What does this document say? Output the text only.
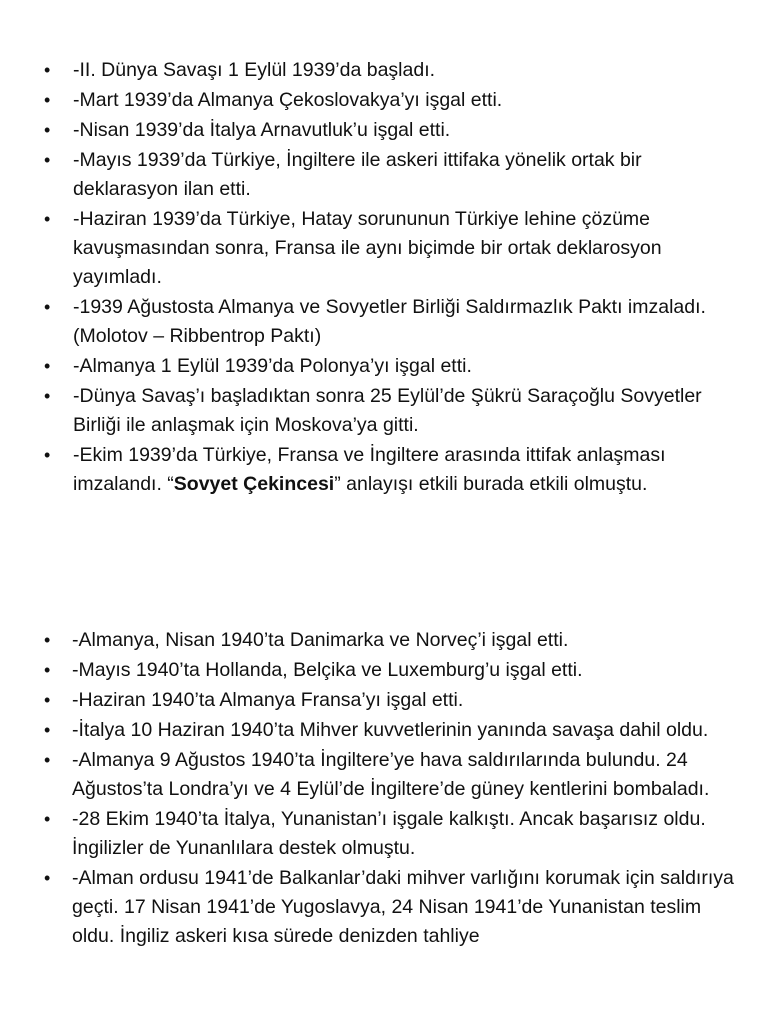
• -II. Dünya Savaşı 1 Eylül 1939’da başladı.
• -Mart 1939’da Almanya Çekoslovakya’yı işgal etti.
• -Nisan 1939’da İtalya Arnavutluk’u işgal etti.
• -Mayıs 1939’da Türkiye, İngiltere ile askeri ittifaka yönelik ortak bir deklarasyon ilan etti.
• -Haziran 1939’da Türkiye, Hatay sorununun Türkiye lehine çözüme kavuşmasından sonra, Fransa ile aynı biçimde bir ortak deklarosyon yayımladı.
• -1939 Ağustosta Almanya ve Sovyetler Birliği Saldırmazlık Paktı imzaladı. (Molotov – Ribbentrop Paktı)
• -Almanya 1 Eylül 1939’da Polonya’yı işgal etti.
• -Dünya Savaş’ı başladıktan sonra 25 Eylül’de Şükrü Saraçoğlu Sovyetler Birliği ile anlaşmak için Moskova’ya gitti.
• -Ekim 1939’da Türkiye, Fransa ve İngiltere arasında ittifak anlaşması imzalandı. “Sovyet Çekincesi” anlayışı etkili burada etkili olmuştu.
• -Almanya, Nisan 1940’ta Danimarka ve Norveç’i işgal etti.
• -Mayıs 1940’ta Hollanda, Belçika ve Luxemburg’u işgal etti.
• -Haziran 1940’ta Almanya Fransa’yı işgal etti.
• -İtalya 10 Haziran 1940’ta Mihver kuvvetlerinin yanında savaşa dahil oldu.
• -Almanya 9 Ağustos 1940’ta İngiltere’ye hava saldırılarında bulundu. 24 Ağustos’ta Londra’yı ve 4 Eylül’de İngiltere’de güney kentlerini bombaladı.
• -28 Ekim 1940’ta İtalya, Yunanistan’ı işgale kalkıştı. Ancak başarısız oldu. İngilizler de Yunanlılara destek olmuştu.
• -Alman ordusu 1941’de Balkanlar’daki mihver varlığını korumak için saldırıya geçti. 17 Nisan 1941’de Yugoslavya, 24 Nisan 1941’de Yunanistan teslim oldu. İngiliz askeri kısa sürede denizden tahliye
